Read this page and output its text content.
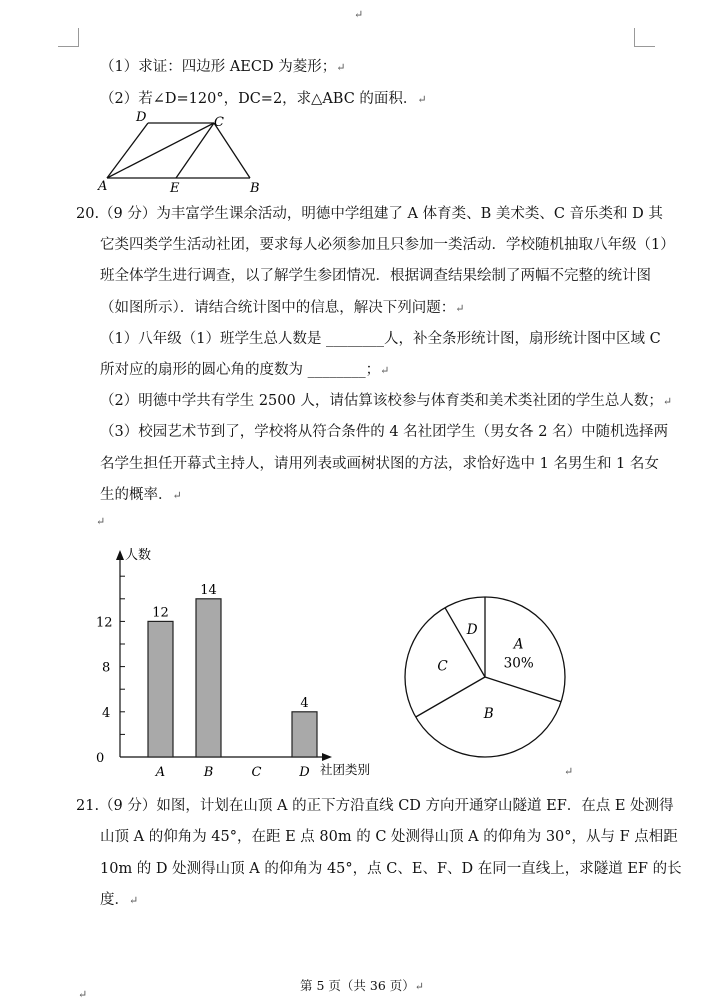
↵
（1）求证：四边形 AECD 为菱形；↵
（2）若∠D=120°，DC=2，求△ABC 的面积．↵
D	C
A	E	B
20.（9 分）为丰富学生课余活动，明德中学组建了 A 体育类、B 美术类、C 音乐类和 D 其
它类四类学生活动社团，要求每人必须参加且只参加一类活动．学校随机抽取八年级（1）
班全体学生进行调查，以了解学生参团情况．根据调查结果绘制了两幅不完整的统计图
（如图所示）．请结合统计图中的信息，解决下列问题：↵
（1）八年级（1）班学生总人数是 ________人，补全条形统计图，扇形统计图中区域 C
所对应的扇形的圆心角的度数为 ________；↵
（2）明德中学共有学生 2500 人，请估算该校参与体育类和美术类社团的学生总人数；↵
（3）校园艺术节到了，学校将从符合条件的 4 名社团学生（男女各 2 名）中随机选择两
名学生担任开幕式主持人，请用列表或画树状图的方法，求恰好选中 1 名男生和 1 名女
生的概率．↵
↵
人数
社团类别
0
4
8
12
A
12
B
14
C	D
4
A
30%
B
C
D
↵
21.（9 分）如图，计划在山顶 A 的正下方沿直线 CD 方向开通穿山隧道 EF．在点 E 处测得
山顶 A 的仰角为 45°，在距 E 点 80m 的 C 处测得山顶 A 的仰角为 30°，从与 F 点相距
10m 的 D 处测得山顶 A 的仰角为 45°，点 C、E、F、D 在同一直线上，求隧道 EF 的长
度．↵
第 5 页（共 36 页）↵
↵
